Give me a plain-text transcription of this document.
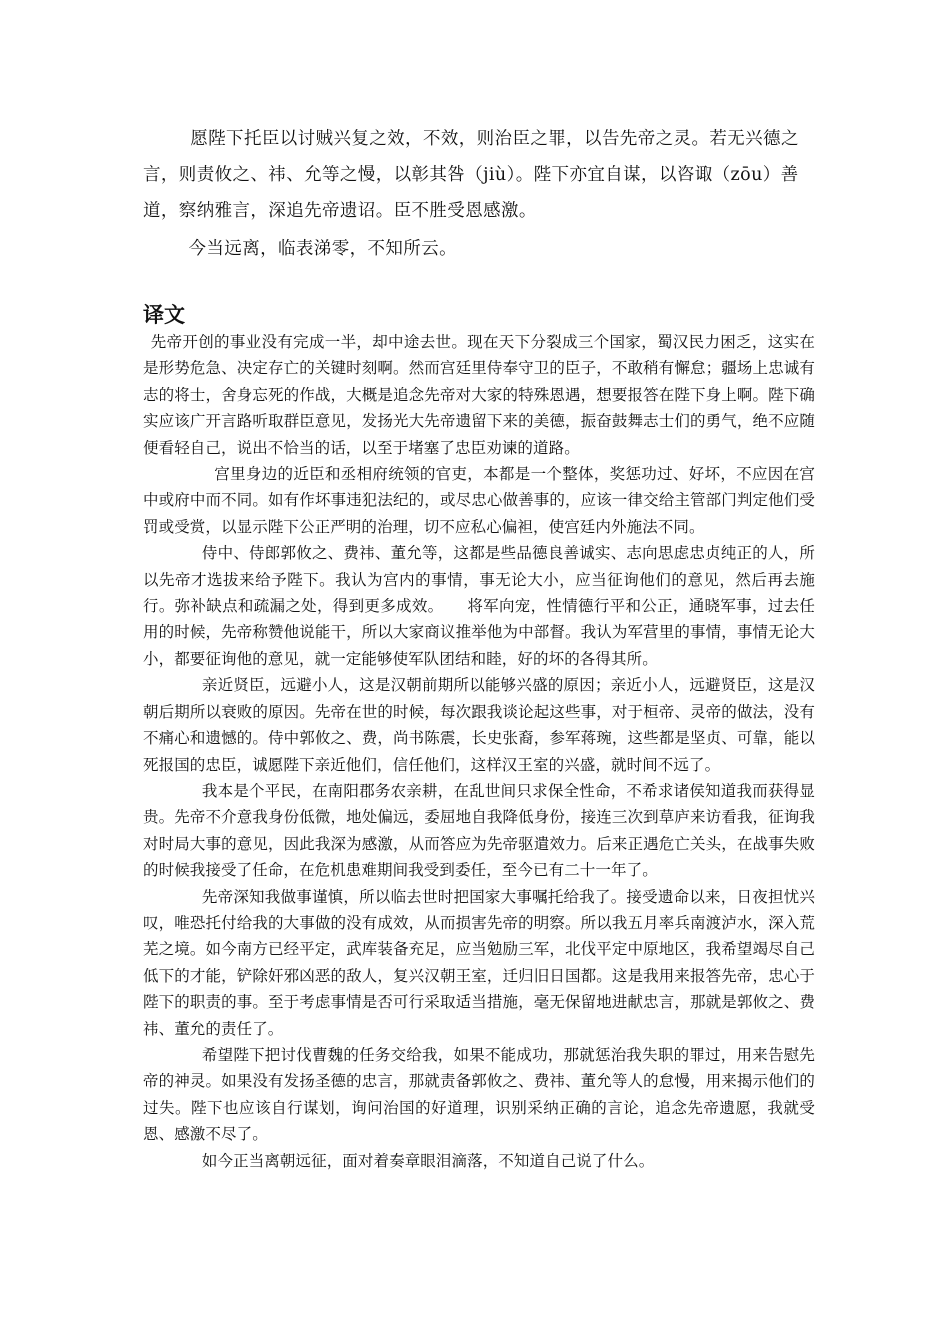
愿陛下托臣以讨贼兴复之效，不效，则治臣之罪，以告先帝之灵。若无兴德之言，则责攸之、祎、允等之慢，以彰其咎（jiù）。陛下亦宜自谋，以咨诹（zōu）善道，察纳雅言，深追先帝遗诏。臣不胜受恩感激。

今当远离，临表涕零，不知所云。

译文

先帝开创的事业没有完成一半，却中途去世。现在天下分裂成三个国家，蜀汉民力困乏，这实在是形势危急、决定存亡的关键时刻啊。然而宫廷里侍奉守卫的臣子，不敢稍有懈怠；疆场上忠诚有志的将士，舍身忘死的作战，大概是追念先帝对大家的特殊恩遇，想要报答在陛下身上啊。陛下确实应该广开言路听取群臣意见，发扬光大先帝遗留下来的美德，振奋鼓舞志士们的勇气，绝不应随便看轻自己，说出不恰当的话，以至于堵塞了忠臣劝谏的道路。

宫里身边的近臣和丞相府统领的官吏，本都是一个整体，奖惩功过、好坏，不应因在宫中或府中而不同。如有作坏事违犯法纪的，或尽忠心做善事的，应该一律交给主管部门判定他们受罚或受赏，以显示陛下公正严明的治理，切不应私心偏袒，使宫廷内外施法不同。

侍中、侍郎郭攸之、费祎、董允等，这都是些品德良善诚实、志向思虑忠贞纯正的人，所以先帝才选拔来给予陛下。我认为宫内的事情，事无论大小，应当征询他们的意见，然后再去施行。弥补缺点和疏漏之处，得到更多成效。　　将军向宠，性情德行平和公正，通晓军事，过去任用的时候，先帝称赞他说能干，所以大家商议推举他为中部督。我认为军营里的事情，事情无论大小，都要征询他的意见，就一定能够使军队团结和睦，好的坏的各得其所。

亲近贤臣，远避小人，这是汉朝前期所以能够兴盛的原因；亲近小人，远避贤臣，这是汉朝后期所以衰败的原因。先帝在世的时候，每次跟我谈论起这些事，对于桓帝、灵帝的做法，没有不痛心和遗憾的。侍中郭攸之、费，尚书陈震，长史张裔，参军蒋琬，这些都是坚贞、可靠，能以死报国的忠臣，诚愿陛下亲近他们，信任他们，这样汉王室的兴盛，就时间不远了。

我本是个平民，在南阳郡务农亲耕，在乱世间只求保全性命，不希求诸侯知道我而获得显贵。先帝不介意我身份低微，地处偏远，委屈地自我降低身份，接连三次到草庐来访看我，征询我对时局大事的意见，因此我深为感激，从而答应为先帝驱遣效力。后来正遇危亡关头，在战事失败的时候我接受了任命，在危机患难期间我受到委任，至今已有二十一年了。

先帝深知我做事谨慎，所以临去世时把国家大事嘱托给我了。接受遗命以来，日夜担忧兴叹，唯恐托付给我的大事做的没有成效，从而损害先帝的明察。所以我五月率兵南渡泸水，深入荒芜之境。如今南方已经平定，武库装备充足，应当勉励三军，北伐平定中原地区，我希望竭尽自己低下的才能，铲除奸邪凶恶的敌人，复兴汉朝王室，迁归旧日国都。这是我用来报答先帝，忠心于陛下的职责的事。至于考虑事情是否可行采取适当措施，毫无保留地进献忠言，那就是郭攸之、费祎、董允的责任了。

希望陛下把讨伐曹魏的任务交给我，如果不能成功，那就惩治我失职的罪过，用来告慰先帝的神灵。如果没有发扬圣德的忠言，那就责备郭攸之、费祎、董允等人的怠慢，用来揭示他们的过失。陛下也应该自行谋划，询问治国的好道理，识别采纳正确的言论，追念先帝遗愿，我就受恩、感激不尽了。

如今正当离朝远征，面对着奏章眼泪滴落，不知道自己说了什么。
